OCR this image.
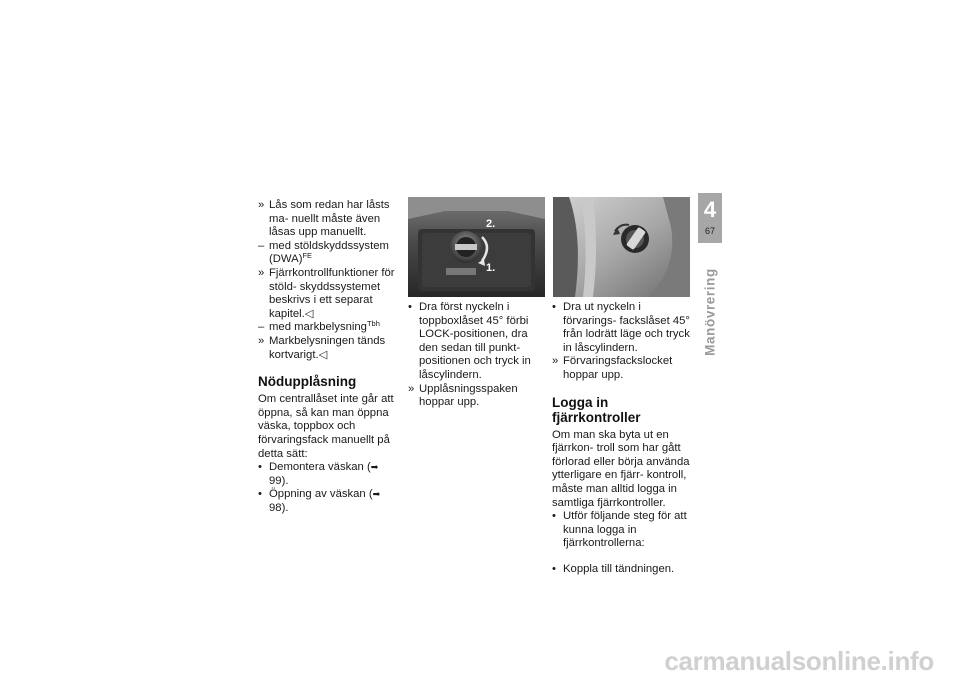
» Lås som redan har låsts ma- nuellt måste även låsas upp manuellt.

– med stöldskyddssystem (DWA)$^{FE}$

» Fjärrkontrollfunktioner för stöld- skyddssystemet beskrivs i ett separat kapitel.◁

– med markbelysning$^{Tbh}$

» Markbelysningen tänds kortvarigt.◁

Nödupplåsning

Om centrallåset inte går att öppna, så kan man öppna väska, toppbox och förvaringsfack manuellt på detta sätt:

• Demontera väskan (➡ 99).

• Öppning av väskan (➡ 98).

2.
1.

• Dra först nyckeln i toppboxlåset 45° förbi LOCK-positionen, dra den sedan till punkt-positionen och tryck in låscylindern.

» Upplåsningsspaken hoppar upp.

• Dra ut nyckeln i förvarings- fackslåset 45° från lodrätt läge och tryck in låscylindern.

» Förvaringsfackslocket hoppar upp.

Logga in fjärrkontroller

Om man ska byta ut en fjärrkon- troll som har gått förlorad eller börja använda ytterligare en fjärr- kontroll, måste man alltid logga in samtliga fjärrkontroller.

• Utför följande steg för att kunna logga in fjärrkontrollerna:

• Koppla till tändningen.

4
67
Manövrering
carmanualsonline.info
